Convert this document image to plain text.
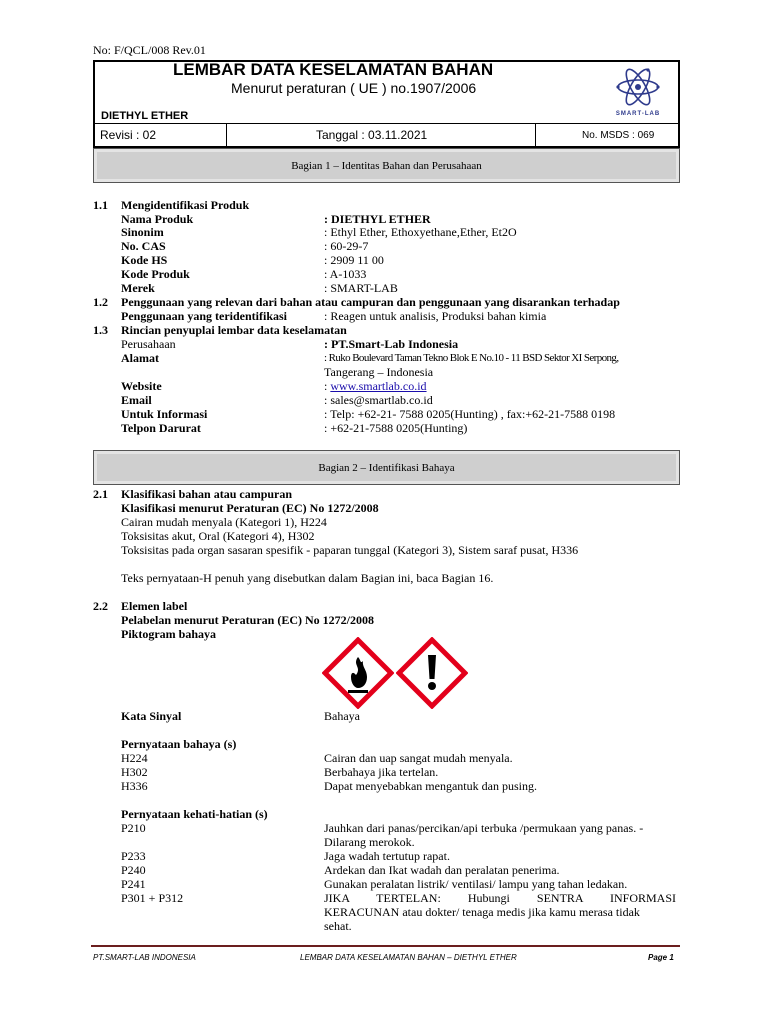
No: F/QCL/008 Rev.01
LEMBAR DATA KESELAMATAN BAHAN
Menurut peraturan ( UE ) no.1907/2006
DIETHYL ETHER
Revisi : 02	Tanggal : 03.11.2021	No. MSDS : 069
SMART-LAB
Bagian 1 – Identitas Bahan dan Perusahaan
1.1 Mengidentifikasi Produk
Nama Produk	: DIETHYL ETHER
Sinonim	: Ethyl Ether, Ethoxyethane,Ether, Et2O
No. CAS	: 60-29-7
Kode HS	: 2909 11 00
Kode Produk	: A-1033
Merek	: SMART-LAB
1.2 Penggunaan yang relevan dari bahan atau campuran dan penggunaan yang disarankan terhadap
Penggunaan yang teridentifikasi	: Reagen untuk analisis, Produksi bahan kimia
1.3 Rincian penyuplai lembar data keselamatan
Perusahaan	: PT.Smart-Lab Indonesia
Alamat	: Ruko Boulevard Taman Tekno Blok E No.10 - 11 BSD Sektor XI Serpong,
Tangerang – Indonesia
Website	: www.smartlab.co.id
Email	: sales@smartlab.co.id
Untuk Informasi	: Telp: +62-21- 7588 0205(Hunting) , fax:+62-21-7588 0198
Telpon Darurat	: +62-21-7588 0205(Hunting)
Bagian 2 – Identifikasi Bahaya
2.1 Klasifikasi bahan atau campuran
Klasifikasi menurut Peraturan (EC) No 1272/2008
Cairan mudah menyala (Kategori 1), H224
Toksisitas akut, Oral (Kategori 4), H302
Toksisitas pada organ sasaran spesifik - paparan tunggal (Kategori 3), Sistem saraf pusat, H336
Teks pernyataan-H penuh yang disebutkan dalam Bagian ini, baca Bagian 16.
2.2 Elemen label
Pelabelan menurut Peraturan (EC) No 1272/2008
Piktogram bahaya
Kata Sinyal	Bahaya
Pernyataan bahaya (s)
H224	Cairan dan uap sangat mudah menyala.
H302	Berbahaya jika tertelan.
H336	Dapat menyebabkan mengantuk dan pusing.
Pernyataan kehati-hatian (s)
P210	Jauhkan dari panas/percikan/api terbuka /permukaan yang panas. -
Dilarang merokok.
P233	Jaga wadah tertutup rapat.
P240	Ardekan dan Ikat wadah dan peralatan penerima.
P241	Gunakan peralatan listrik/ ventilasi/ lampu yang tahan ledakan.
P301 + P312	JIKA TERTELAN: Hubungi SENTRA INFORMASI
KERACUNAN atau dokter/ tenaga medis jika kamu merasa tidak
sehat.
PT.SMART-LAB INDONESIA	LEMBAR DATA KESELAMATAN BAHAN – DIETHYL ETHER	Page 1
